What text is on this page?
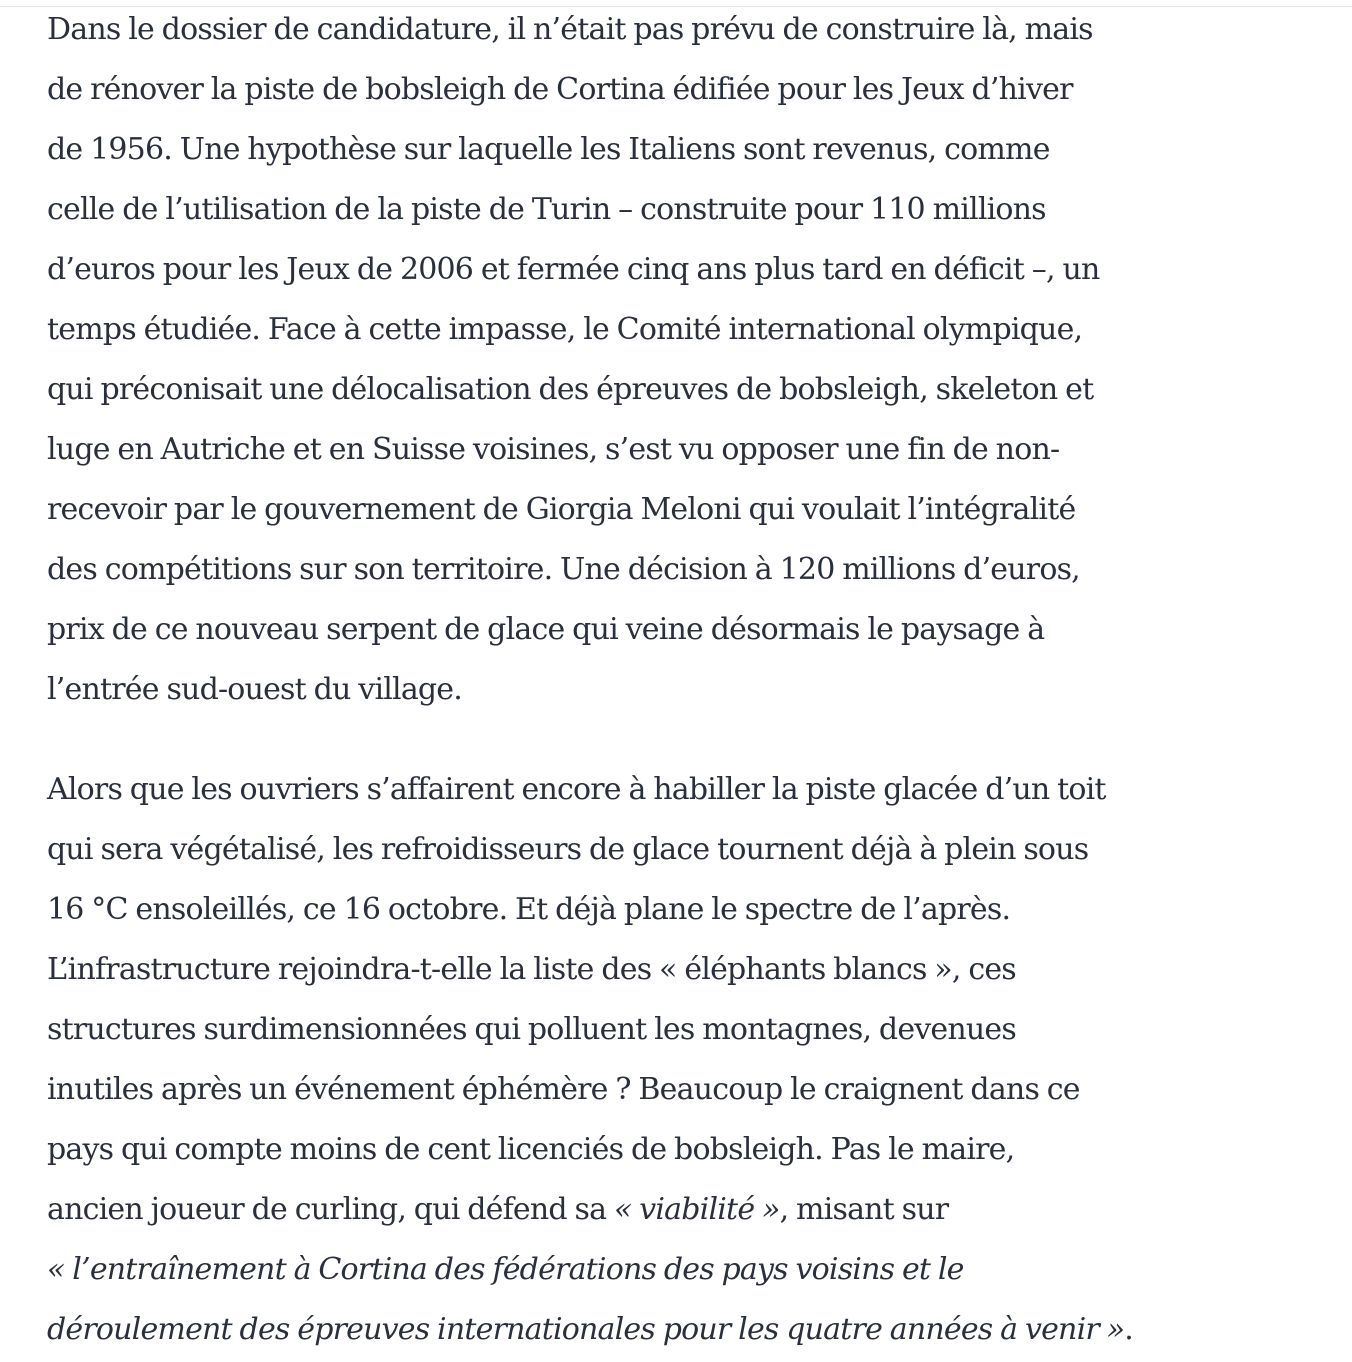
Dans le dossier de candidature, il n’était pas prévu de construire là, mais
de rénover la piste de bobsleigh de Cortina édifiée pour les Jeux d’hiver
de 1956. Une hypothèse sur laquelle les Italiens sont revenus, comme
celle de l’utilisation de la piste de Turin – construite pour 110 millions
d’euros pour les Jeux de 2006 et fermée cinq ans plus tard en déficit –, un
temps étudiée. Face à cette impasse, le Comité international olympique,
qui préconisait une délocalisation des épreuves de bobsleigh, skeleton et
luge en Autriche et en Suisse voisines, s’est vu opposer une fin de non-
recevoir par le gouvernement de Giorgia Meloni qui voulait l’intégralité
des compétitions sur son territoire. Une décision à 120 millions d’euros,
prix de ce nouveau serpent de glace qui veine désormais le paysage à
l’entrée sud-ouest du village.

Alors que les ouvriers s’affairent encore à habiller la piste glacée d’un toit
qui sera végétalisé, les refroidisseurs de glace tournent déjà à plein sous
16 °C ensoleillés, ce 16 octobre. Et déjà plane le spectre de l’après.
L’infrastructure rejoindra-t-elle la liste des « éléphants blancs », ces
structures surdimensionnées qui polluent les montagnes, devenues
inutiles après un événement éphémère ? Beaucoup le craignent dans ce
pays qui compte moins de cent licenciés de bobsleigh. Pas le maire,
ancien joueur de curling, qui défend sa « viabilité », misant sur
« l’entraînement à Cortina des fédérations des pays voisins et le
déroulement des épreuves internationales pour les quatre années à venir ».
